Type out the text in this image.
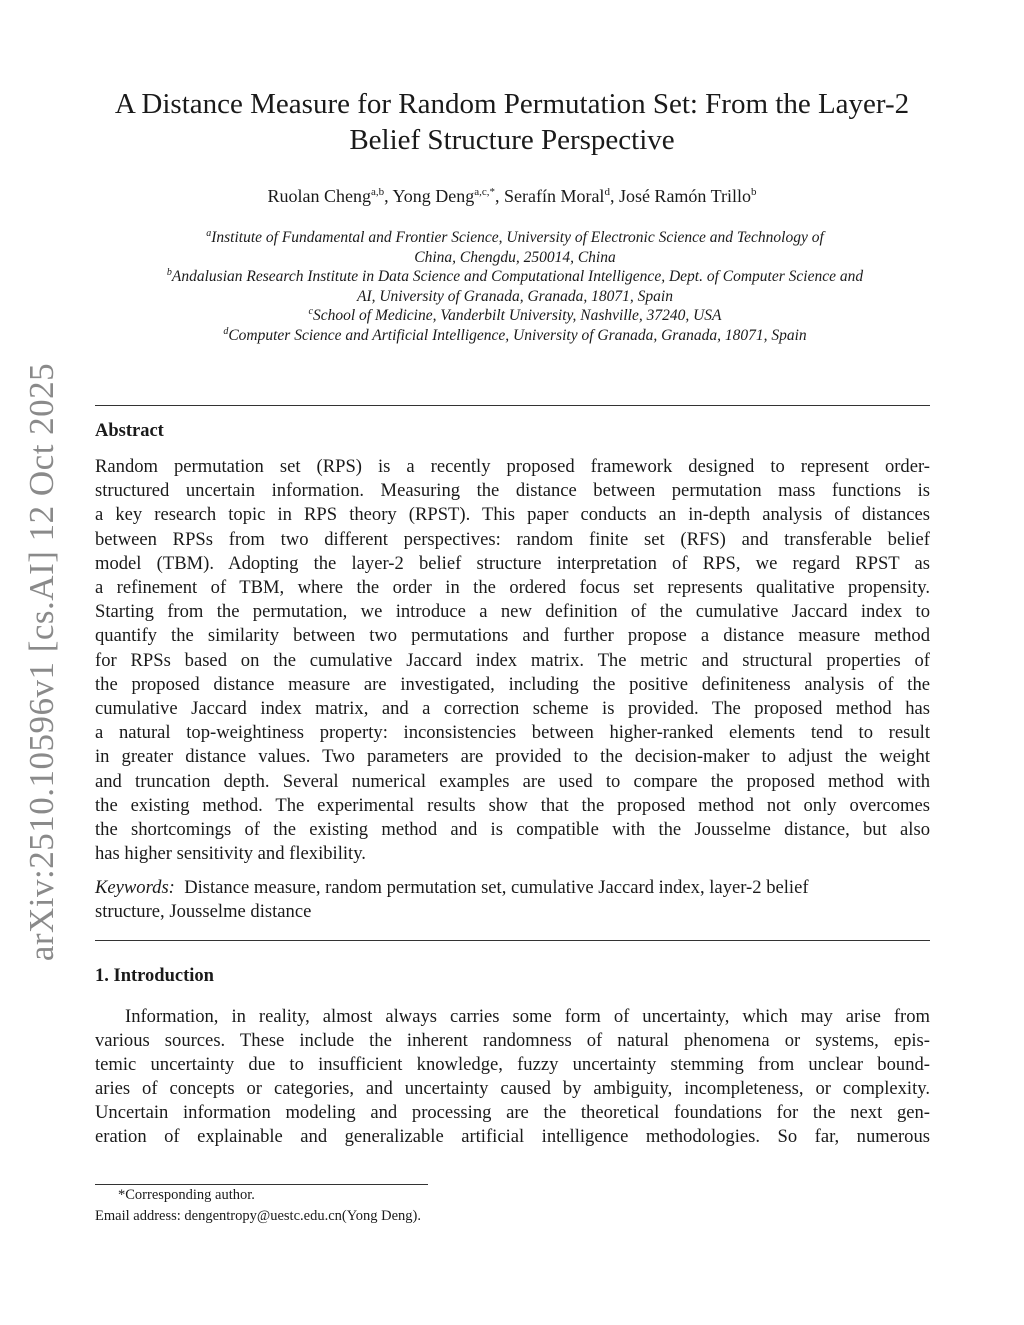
arXiv:2510.10596v1 [cs.AI] 12 Oct 2025
A Distance Measure for Random Permutation Set: From the Layer-2
Belief Structure Perspective
Ruolan Cheng$^{a,b}$, Yong Deng$^{a,c,*}$, Serafín Moral$^d$, José Ramón Trillo$^b$
$^a$Institute of Fundamental and Frontier Science, University of Electronic Science and Technology of
China, Chengdu, 250014, China
$^b$Andalusian Research Institute in Data Science and Computational Intelligence, Dept. of Computer Science and
AI, University of Granada, Granada, 18071, Spain
$^c$School of Medicine, Vanderbilt University, Nashville, 37240, USA
$^d$Computer Science and Artificial Intelligence, University of Granada, Granada, 18071, Spain
Abstract
Random permutation set (RPS) is a recently proposed framework designed to represent order-
structured uncertain information. Measuring the distance between permutation mass functions is
a key research topic in RPS theory (RPST). This paper conducts an in-depth analysis of distances
between RPSs from two different perspectives: random finite set (RFS) and transferable belief
model (TBM). Adopting the layer-2 belief structure interpretation of RPS, we regard RPST as
a refinement of TBM, where the order in the ordered focus set represents qualitative propensity.
Starting from the permutation, we introduce a new definition of the cumulative Jaccard index to
quantify the similarity between two permutations and further propose a distance measure method
for RPSs based on the cumulative Jaccard index matrix. The metric and structural properties of
the proposed distance measure are investigated, including the positive definiteness analysis of the
cumulative Jaccard index matrix, and a correction scheme is provided. The proposed method has
a natural top-weightiness property: inconsistencies between higher-ranked elements tend to result
in greater distance values. Two parameters are provided to the decision-maker to adjust the weight
and truncation depth. Several numerical examples are used to compare the proposed method with
the existing method. The experimental results show that the proposed method not only overcomes
the shortcomings of the existing method and is compatible with the Jousselme distance, but also
has higher sensitivity and flexibility.
Keywords: Distance measure, random permutation set, cumulative Jaccard index, layer-2 belief
structure, Jousselme distance
1. Introduction
Information, in reality, almost always carries some form of uncertainty, which may arise from
various sources. These include the inherent randomness of natural phenomena or systems, epis-
temic uncertainty due to insufficient knowledge, fuzzy uncertainty stemming from unclear bound-
aries of concepts or categories, and uncertainty caused by ambiguity, incompleteness, or complexity.
Uncertain information modeling and processing are the theoretical foundations for the next gen-
eration of explainable and generalizable artificial intelligence methodologies. So far, numerous
*Corresponding author.
Email address: dengentropy@uestc.edu.cn(Yong Deng).
